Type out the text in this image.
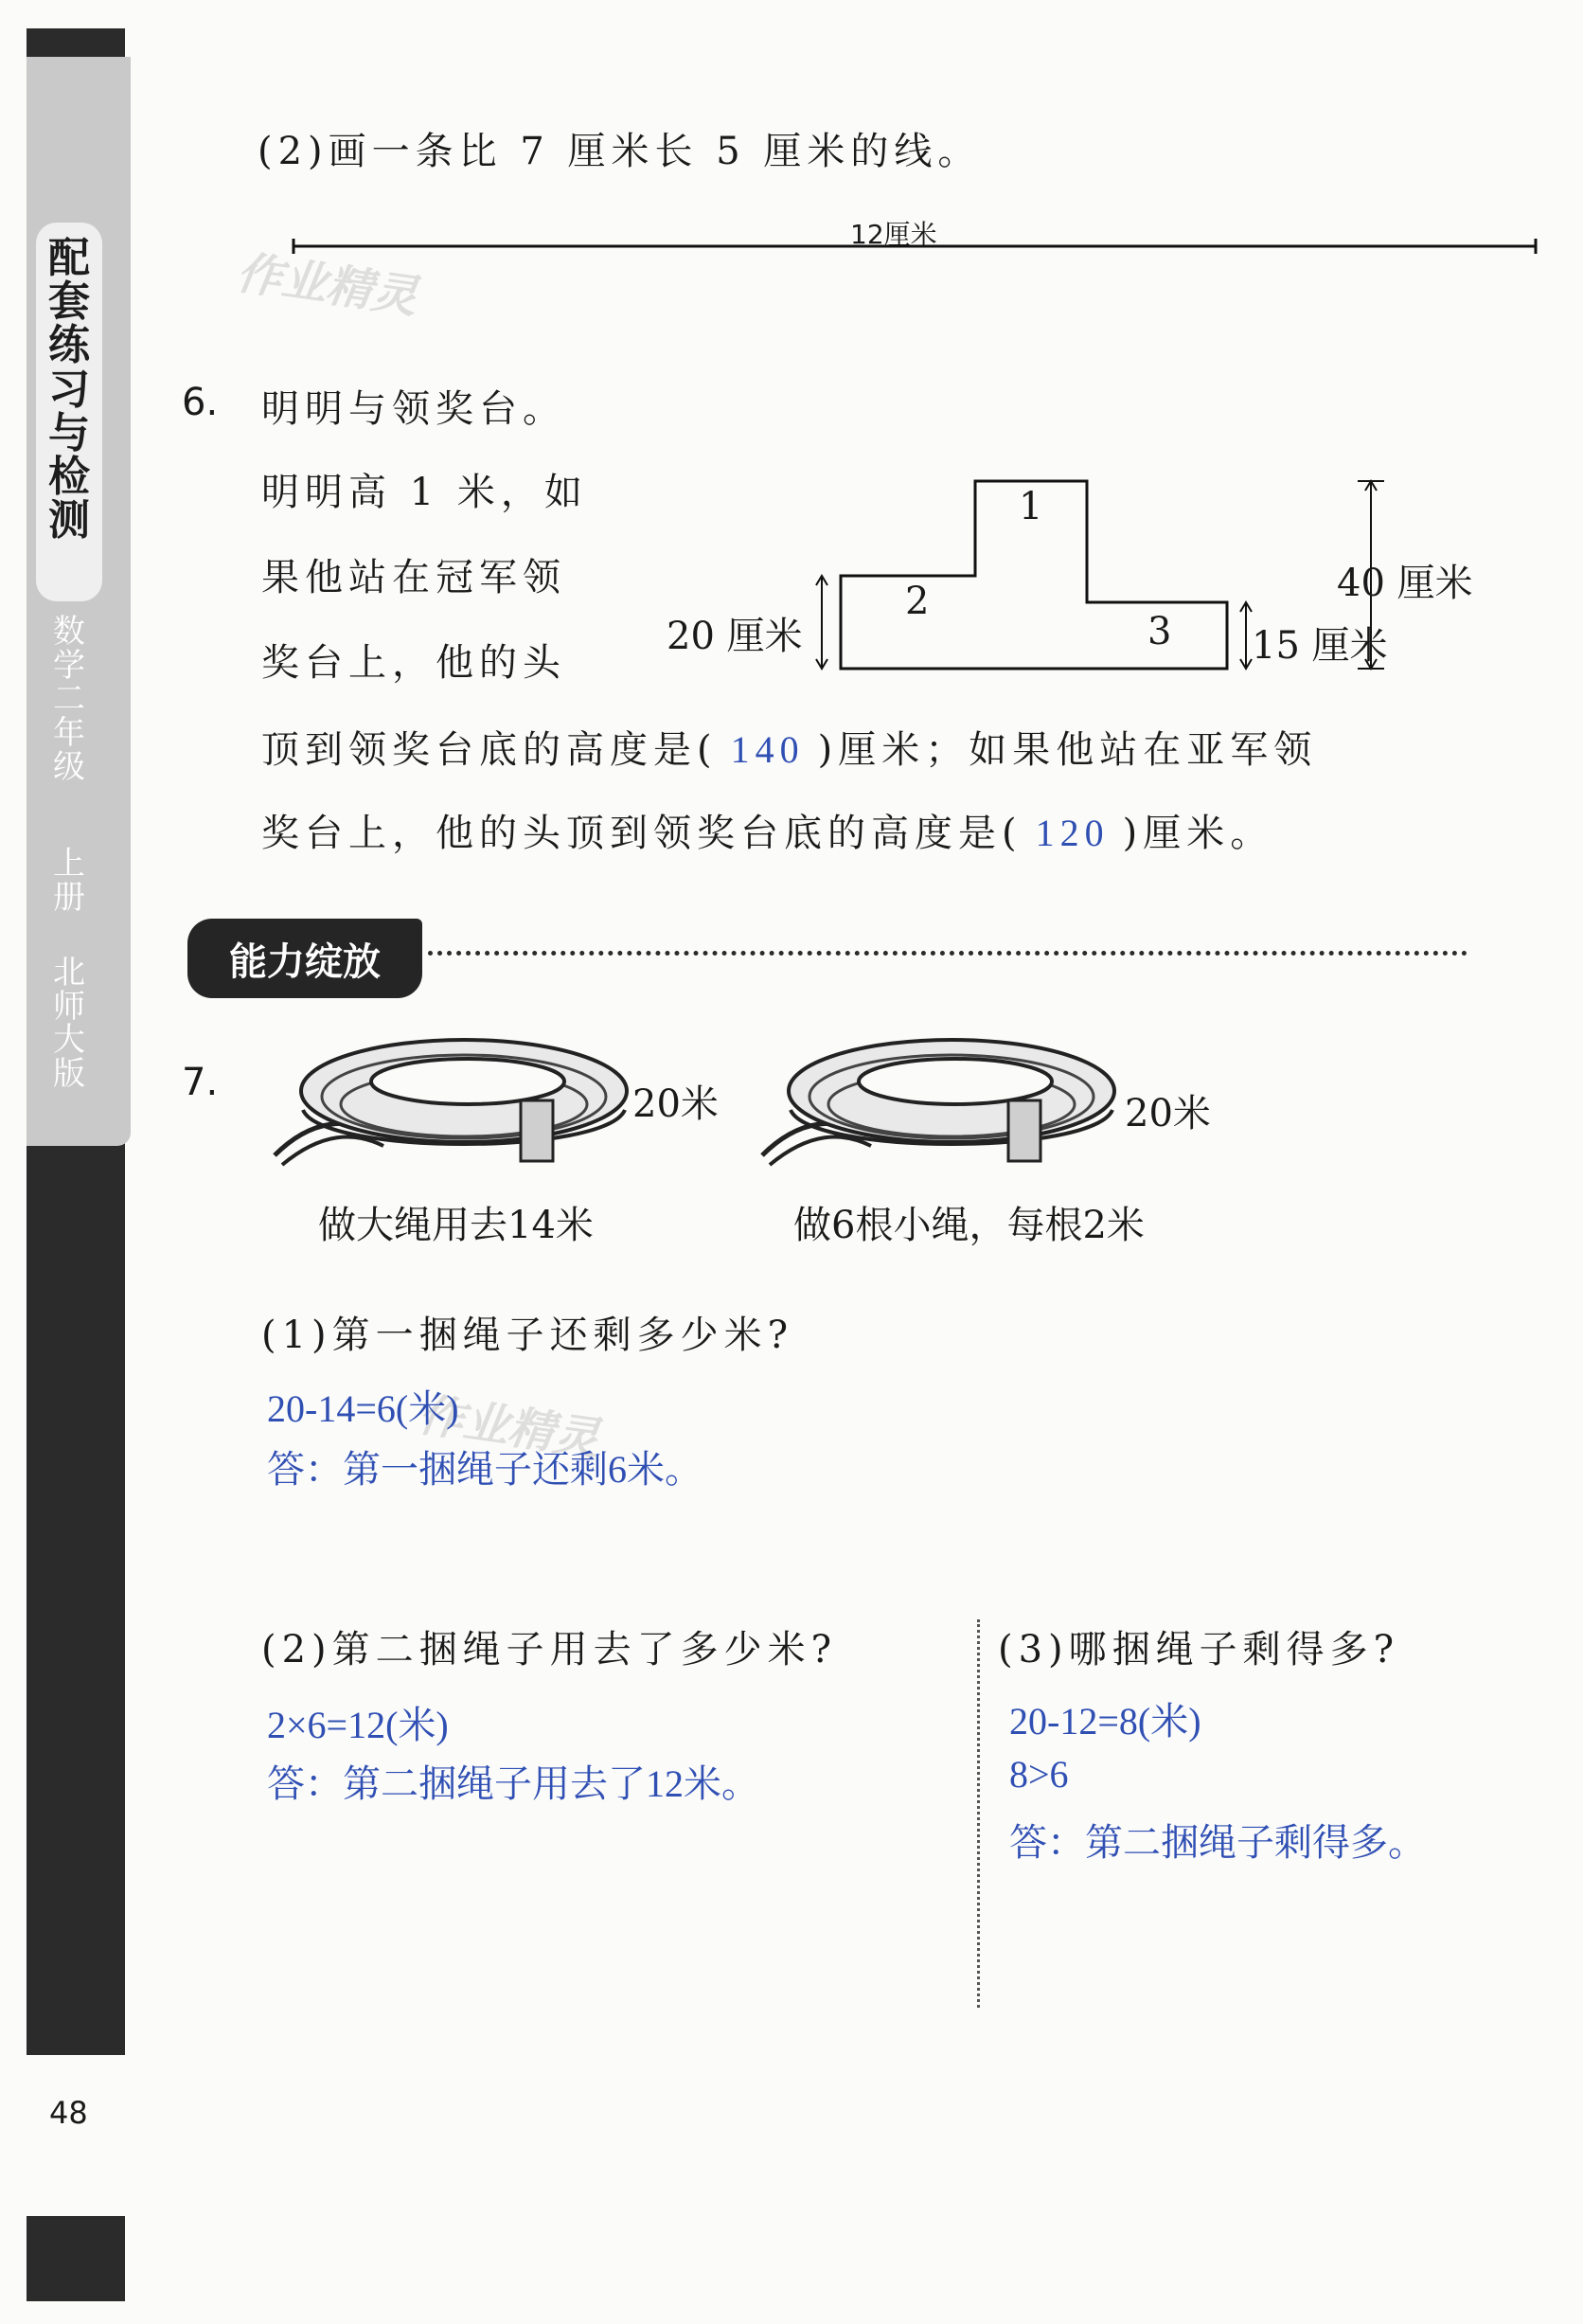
配
套
练
习
与
检
测
数
学
二
年
级
上
册
北
师
大
版
作业精灵
作业精灵
(2)画一条比 7 厘米长 5 厘米的线。
12厘米
6. 明明与领奖台。
明明高 1 米，如
果他站在冠军领
奖台上，他的头
顶到领奖台底的高度是( 140 )厘米；如果他站在亚军领
奖台上，他的头顶到领奖台底的高度是( 120 )厘米。
1
2
3
20 厘米
40 厘米
15 厘米
能力绽放
7.	20米
做大绳用去14米
20米
做6根小绳，每根2米
(1)第一捆绳子还剩多少米?
20-14=6(米)
答：第一捆绳子还剩6米。
(2)第二捆绳子用去了多少米?
2×6=12(米)
答：第二捆绳子用去了12米。
(3)哪捆绳子剩得多?
20-12=8(米)
8>6
答：第二捆绳子剩得多。
48
